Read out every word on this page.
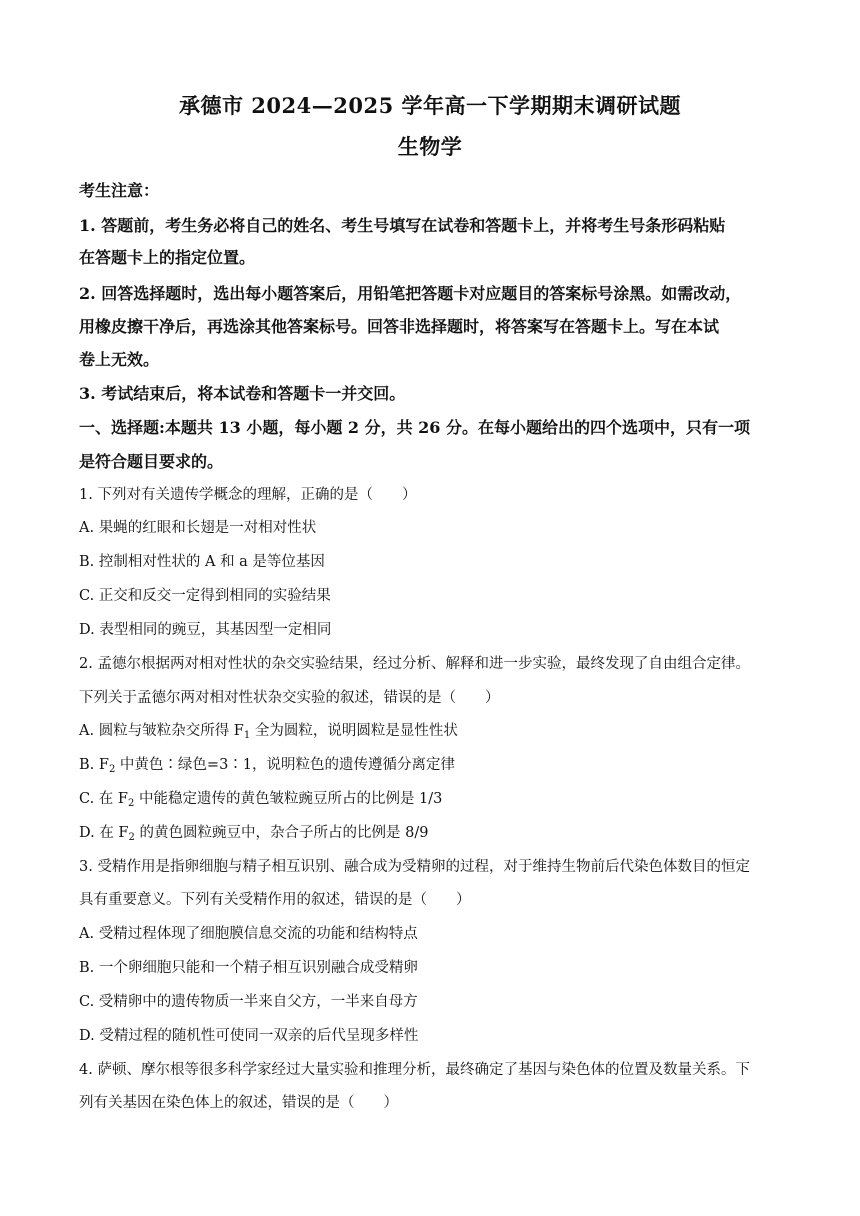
承德市 2024—2025 学年高一下学期期末调研试题
生物学
考生注意：
1. 答题前，考生务必将自己的姓名、考生号填写在试卷和答题卡上，并将考生号条形码粘贴
在答题卡上的指定位置。
2. 回答选择题时，选出每小题答案后，用铅笔把答题卡对应题目的答案标号涂黑。如需改动，
用橡皮擦干净后，再选涂其他答案标号。回答非选择题时，将答案写在答题卡上。写在本试
卷上无效。
3. 考试结束后，将本试卷和答题卡一并交回。
一、选择题:本题共 13 小题，每小题 2 分，共 26 分。在每小题给出的四个选项中，只有一项
是符合题目要求的。
1. 下列对有关遗传学概念的理解，正确的是（　　）
A. 果蝇的红眼和长翅是一对相对性状
B. 控制相对性状的 A 和 a 是等位基因
C. 正交和反交一定得到相同的实验结果
D. 表型相同的豌豆，其基因型一定相同
2. 孟德尔根据两对相对性状的杂交实验结果，经过分析、解释和进一步实验，最终发现了自由组合定律。
下列关于孟德尔两对相对性状杂交实验的叙述，错误的是（　　）
A. 圆粒与皱粒杂交所得 $F_1$ 全为圆粒，说明圆粒是显性性状
B. $F_2$ 中黄色∶绿色=3∶1，说明粒色的遗传遵循分离定律
C. 在 $F_2$ 中能稳定遗传的黄色皱粒豌豆所占的比例是 1/3
D. 在 $F_2$ 的黄色圆粒豌豆中，杂合子所占的比例是 8/9
3. 受精作用是指卵细胞与精子相互识别、融合成为受精卵的过程，对于维持生物前后代染色体数目的恒定
具有重要意义。下列有关受精作用的叙述，错误的是（　　）
A. 受精过程体现了细胞膜信息交流的功能和结构特点
B. 一个卵细胞只能和一个精子相互识别融合成受精卵
C. 受精卵中的遗传物质一半来自父方，一半来自母方
D. 受精过程的随机性可使同一双亲的后代呈现多样性
4. 萨顿、摩尔根等很多科学家经过大量实验和推理分析，最终确定了基因与染色体的位置及数量关系。下
列有关基因在染色体上的叙述，错误的是（　　）
